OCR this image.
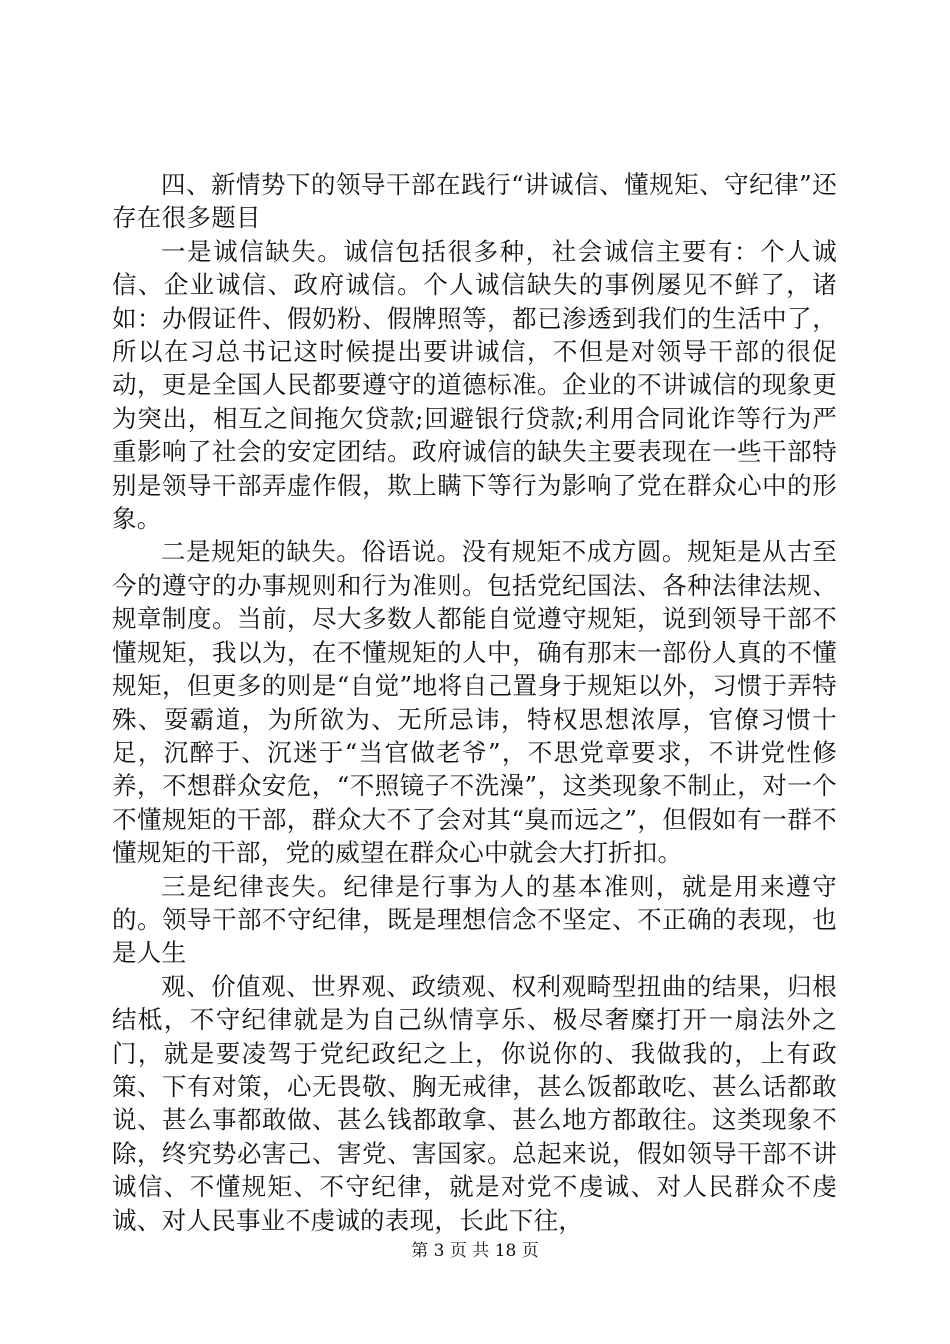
四、新情势下的领导干部在践行“讲诚信、懂规矩、守纪律”还存在很多题目

一是诚信缺失。诚信包括很多种，社会诚信主要有：个人诚信、企业诚信、政府诚信。个人诚信缺失的事例屡见不鲜了，诸如：办假证件、假奶粉、假牌照等，都已渗透到我们的生活中了，所以在习总书记这时候提出要讲诚信，不但是对领导干部的很促动，更是全国人民都要遵守的道德标准。企业的不讲诚信的现象更为突出，相互之间拖欠贷款;回避银行贷款;利用合同讹诈等行为严重影响了社会的安定团结。政府诚信的缺失主要表现在一些干部特别是领导干部弄虚作假，欺上瞒下等行为影响了党在群众心中的形象。

二是规矩的缺失。俗语说。没有规矩不成方圆。规矩是从古至今的遵守的办事规则和行为准则。包括党纪国法、各种法律法规、规章制度。当前，尽大多数人都能自觉遵守规矩，说到领导干部不懂规矩，我以为，在不懂规矩的人中，确有那末一部份人真的不懂规矩，但更多的则是“自觉”地将自己置身于规矩以外，习惯于弄特殊、耍霸道，为所欲为、无所忌讳，特权思想浓厚，官僚习惯十足，沉醉于、沉迷于“当官做老爷”，不思党章要求，不讲党性修养，不想群众安危，“不照镜子不洗澡”，这类现象不制止，对一个不懂规矩的干部，群众大不了会对其“臭而远之”，但假如有一群不懂规矩的干部，党的威望在群众心中就会大打折扣。

三是纪律丧失。纪律是行事为人的基本准则，就是用来遵守的。领导干部不守纪律，既是理想信念不坚定、不正确的表现，也是人生

观、价值观、世界观、政绩观、权利观畸型扭曲的结果，归根结柢，不守纪律就是为自己纵情享乐、极尽奢糜打开一扇法外之门，就是要凌驾于党纪政纪之上，你说你的、我做我的，上有政策、下有对策，心无畏敬、胸无戒律，甚么饭都敢吃、甚么话都敢说、甚么事都敢做、甚么钱都敢拿、甚么地方都敢往。这类现象不除，终究势必害己、害党、害国家。总起来说，假如领导干部不讲诚信、不懂规矩、不守纪律，就是对党不虔诚、对人民群众不虔诚、对人民事业不虔诚的表现，长此下往，

第 3 页 共 18 页
